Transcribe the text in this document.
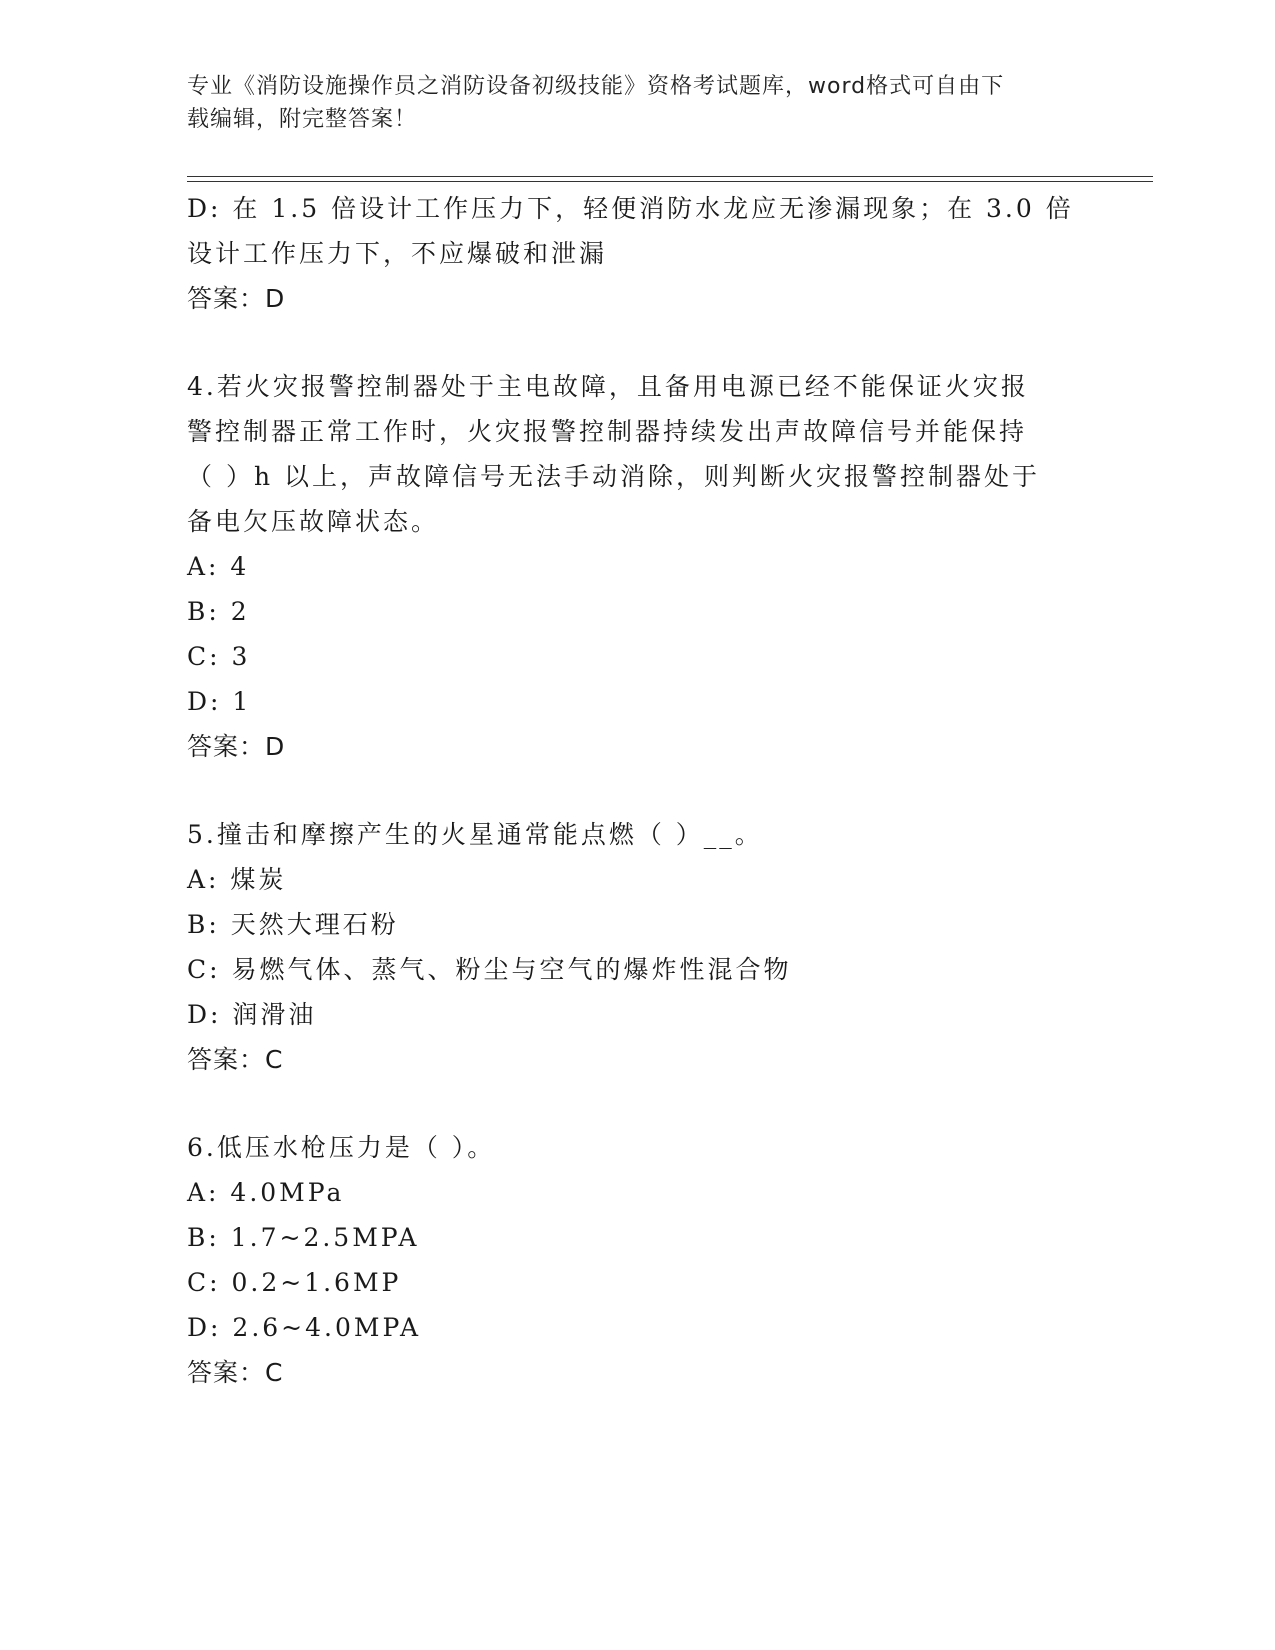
专业《消防设施操作员之消防设备初级技能》资格考试题库，word格式可自由下
载编辑，附完整答案！
D: 在 1.5 倍设计工作压力下，轻便消防水龙应无渗漏现象；在 3.0 倍
设计工作压力下，不应爆破和泄漏
答案：D
4.若火灾报警控制器处于主电故障，且备用电源已经不能保证火灾报
警控制器正常工作时，火灾报警控制器持续发出声故障信号并能保持
（ ）h 以上，声故障信号无法手动消除，则判断火灾报警控制器处于
备电欠压故障状态。
A: 4
B: 2
C: 3
D: 1
答案：D
5.撞击和摩擦产生的火星通常能点燃（ ）__。
A: 煤炭
B: 天然大理石粉
C: 易燃气体、蒸气、粉尘与空气的爆炸性混合物
D: 润滑油
答案：C
6.低压水枪压力是（ ）。
A: 4.0MPa
B: 1.7~2.5MPA
C: 0.2~1.6MP
D: 2.6~4.0MPA
答案：C
